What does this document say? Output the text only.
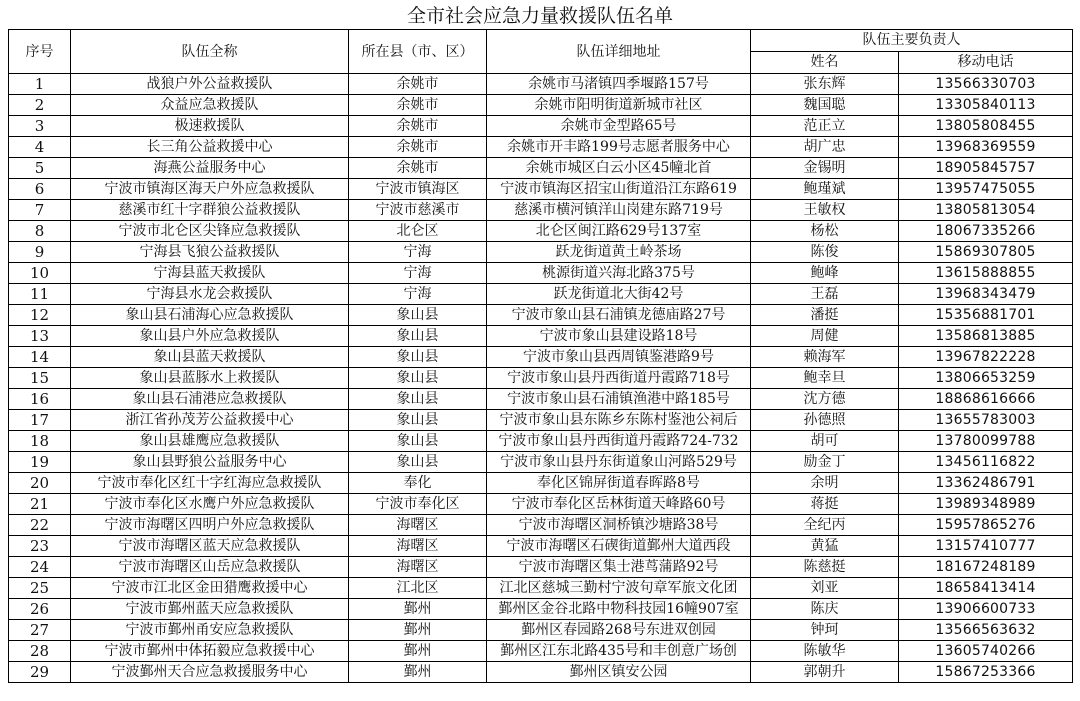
全市社会应急力量救援队伍名单
序号	队伍全称	所在县（市、区）	队伍详细地址	队伍主要负责人	
				姓名	移动电话
1	战狼户外公益救援队	余姚市	余姚市马渚镇四季堰路157号	张东辉	13566330703
2	众益应急救援队	余姚市	余姚市阳明街道新城市社区	魏国聪	13305840113
3	极速救援队	余姚市	余姚市金型路65号	范正立	13805808455
4	长三角公益救援中心	余姚市	余姚市开丰路199号志愿者服务中心	胡广忠	13968369559
5	海燕公益服务中心	余姚市	余姚市城区白云小区45幢北首	金锡明	18905845757
6	宁波市镇海区海天户外应急救援队	宁波市镇海区	宁波市镇海区招宝山街道沿江东路619	鲍瑾斌	13957475055
7	慈溪市红十字群狼公益救援队	宁波市慈溪市	慈溪市横河镇洋山岗建东路719号	王敏权	13805813054
8	宁波市北仑区尖锋应急救援队	北仑区	北仑区闽江路629号137室	杨松	18067335266
9	宁海县飞狼公益救援队	宁海	跃龙街道黄土岭茶场	陈俊	15869307805
10	宁海县蓝天救援队	宁海	桃源街道兴海北路375号	鲍峰	13615888855
11	宁海县水龙会救援队	宁海	跃龙街道北大街42号	王磊	13968343479
12	象山县石浦海心应急救援队	象山县	宁波市象山县石浦镇龙德庙路27号	潘挺	15356881701
13	象山县户外应急救援队	象山县	宁波市象山县建设路18号	周健	13586813885
14	象山县蓝天救援队	象山县	宁波市象山县西周镇鉴港路9号	赖海军	13967822228
15	象山县蓝豚水上救援队	象山县	宁波市象山县丹西街道丹霞路718号	鲍幸旦	13806653259
16	象山县石浦港应急救援队	象山县	宁波市象山县石浦镇渔港中路185号	沈方德	18868616666
17	浙江省孙茂芳公益救援中心	象山县	宁波市象山县东陈乡东陈村鉴池公祠后	孙德照	13655783003
18	象山县雄鹰应急救援队	象山县	宁波市象山县丹西街道丹霞路724-732	胡可	13780099788
19	象山县野狼公益服务中心	象山县	宁波市象山县丹东街道象山河路529号	励金丁	13456116822
20	宁波市奉化区红十字红海应急救援队	奉化	奉化区锦屏街道春晖路8号	余明	13362486791
21	宁波市奉化区水鹰户外应急救援队	宁波市奉化区	宁波市奉化区岳林街道天峰路60号	蒋挺	13989348989
22	宁波市海曙区四明户外应急救援队	海曙区	宁波市海曙区洞桥镇沙塘路38号	全纪丙	15957865276
23	宁波市海曙区蓝天应急救援队	海曙区	宁波市海曙区石碶街道鄞州大道西段	黄猛	13157410777
24	宁波市海曙区山岳应急救援队	海曙区	宁波市海曙区集士港茑蒲路92号	陈慈挺	18167248189
25	宁波市江北区金田猎鹰救援中心	江北区	江北区慈城三勤村宁波句章军旅文化团	刘亚	18658413414
26	宁波市鄞州蓝天应急救援队	鄞州	鄞州区金谷北路中物科技园16幢907室	陈庆	13906600733
27	宁波市鄞州甬安应急救援队	鄞州	鄞州区春园路268号东进双创园	钟珂	13566563632
28	宁波市鄞州中体拓毅应急救援中心	鄞州	鄞州区江东北路435号和丰创意广场创	陈敏华	13605740266
29	宁波鄞州天合应急救援服务中心	鄞州	鄞州区镇安公园	郭朝升	15867253366
